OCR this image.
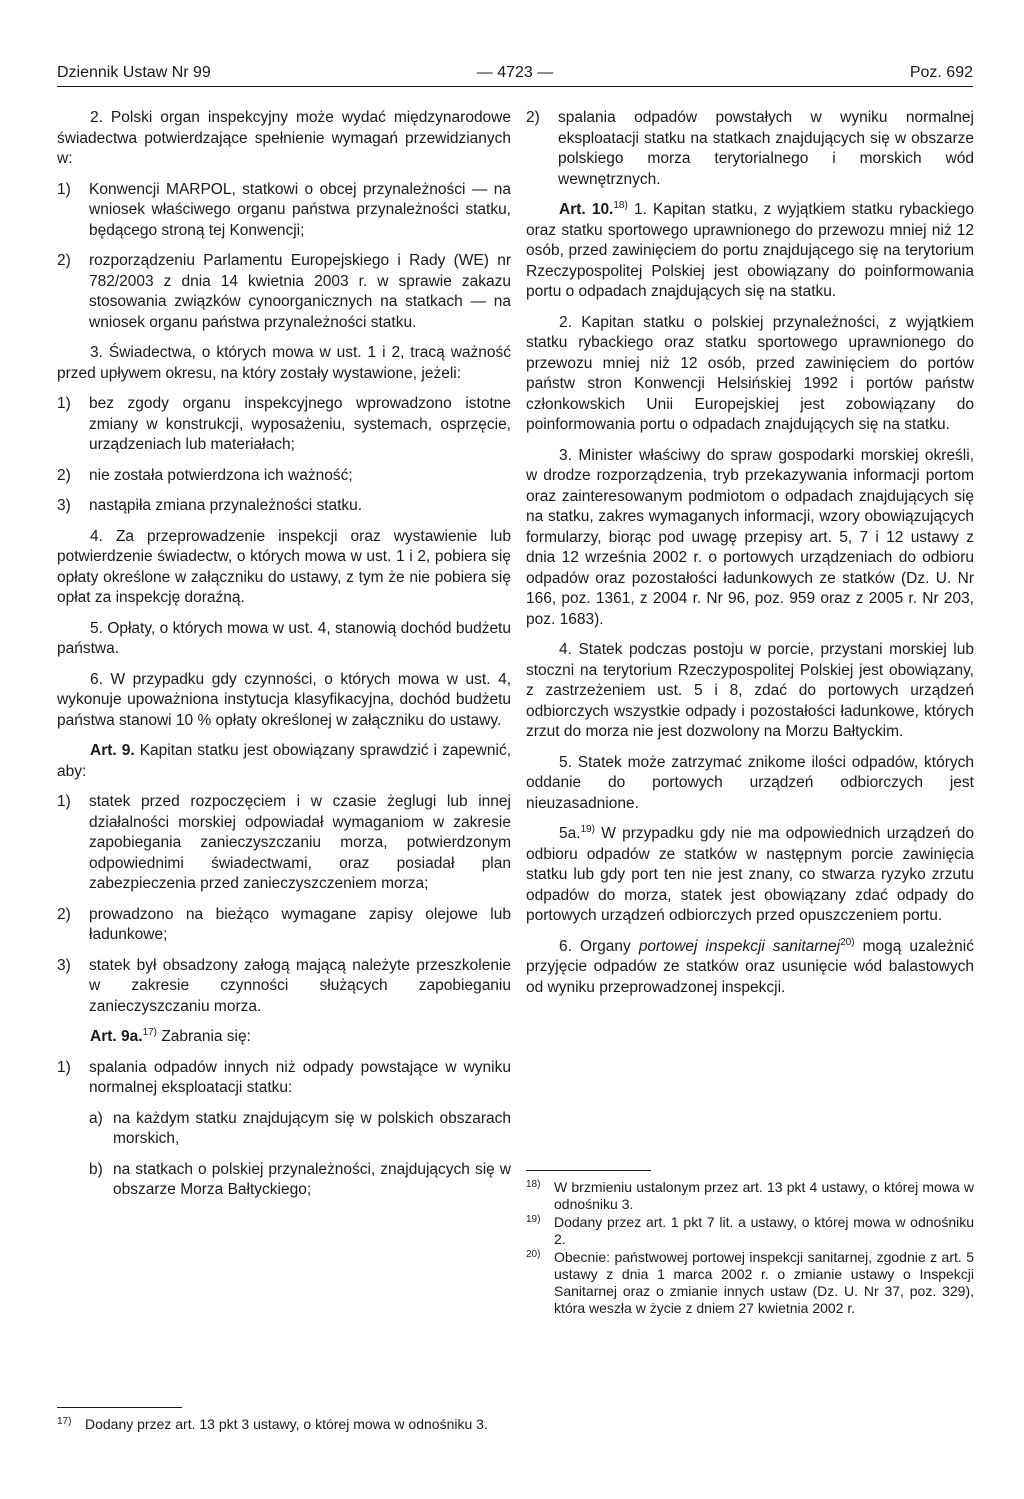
Dziennik Ustaw Nr 99	— 4723 —	Poz. 692

2. Polski organ inspekcyjny może wydać międzynarodowe świadectwa potwierdzające spełnienie wymagań przewidzianych w:

1) Konwencji MARPOL, statkowi o obcej przynależności — na wniosek właściwego organu państwa przynależności statku, będącego stroną tej Konwencji;
2) rozporządzeniu Parlamentu Europejskiego i Rady (WE) nr 782/2003 z dnia 14 kwietnia 2003 r. w sprawie zakazu stosowania związków cynoorganicznych na statkach — na wniosek organu państwa przynależności statku.

3. Świadectwa, o których mowa w ust. 1 i 2, tracą ważność przed upływem okresu, na który zostały wystawione, jeżeli:

1) bez zgody organu inspekcyjnego wprowadzono istotne zmiany w konstrukcji, wyposażeniu, systemach, osprzęcie, urządzeniach lub materiałach;
2) nie została potwierdzona ich ważność;
3) nastąpiła zmiana przynależności statku.

4. Za przeprowadzenie inspekcji oraz wystawienie lub potwierdzenie świadectw, o których mowa w ust. 1 i 2, pobiera się opłaty określone w załączniku do ustawy, z tym że nie pobiera się opłat za inspekcję doraźną.

5. Opłaty, o których mowa w ust. 4, stanowią dochód budżetu państwa.

6. W przypadku gdy czynności, o których mowa w ust. 4, wykonuje upoważniona instytucja klasyfikacyjna, dochód budżetu państwa stanowi 10 % opłaty określonej w załączniku do ustawy.

Art. 9. Kapitan statku jest obowiązany sprawdzić i zapewnić, aby:

1) statek przed rozpoczęciem i w czasie żeglugi lub innej działalności morskiej odpowiadał wymaganiom w zakresie zapobiegania zanieczyszczaniu morza, potwierdzonym odpowiednimi świadectwami, oraz posiadał plan zabezpieczenia przed zanieczyszczeniem morza;
2) prowadzono na bieżąco wymagane zapisy olejowe lub ładunkowe;
3) statek był obsadzony załogą mającą należyte przeszkolenie w zakresie czynności służących zapobieganiu zanieczyszczaniu morza.

Art. 9a.$^{17)}$ Zabrania się:

1) spalania odpadów innych niż odpady powstające w wyniku normalnej eksploatacji statku:
a) na każdym statku znajdującym się w polskich obszarach morskich,
b) na statkach o polskiej przynależności, znajdujących się w obszarze Morza Bałtyckiego;
2) spalania odpadów powstałych w wyniku normalnej eksploatacji statku na statkach znajdujących się w obszarze polskiego morza terytorialnego i morskich wód wewnętrznych.

Art. 10.$^{18)}$ 1. Kapitan statku, z wyjątkiem statku rybackiego oraz statku sportowego uprawnionego do przewozu mniej niż 12 osób, przed zawinięciem do portu znajdującego się na terytorium Rzeczypospolitej Polskiej jest obowiązany do poinformowania portu o odpadach znajdujących się na statku.

2. Kapitan statku o polskiej przynależności, z wyjątkiem statku rybackiego oraz statku sportowego uprawnionego do przewozu mniej niż 12 osób, przed zawinięciem do portów państw stron Konwencji Helsińskiej 1992 i portów państw członkowskich Unii Europejskiej jest zobowiązany do poinformowania portu o odpadach znajdujących się na statku.

3. Minister właściwy do spraw gospodarki morskiej określi, w drodze rozporządzenia, tryb przekazywania informacji portom oraz zainteresowanym podmiotom o odpadach znajdujących się na statku, zakres wymaganych informacji, wzory obowiązujących formularzy, biorąc pod uwagę przepisy art. 5, 7 i 12 ustawy z dnia 12 września 2002 r. o portowych urządzeniach do odbioru odpadów oraz pozostałości ładunkowych ze statków (Dz. U. Nr 166, poz. 1361, z 2004 r. Nr 96, poz. 959 oraz z 2005 r. Nr 203, poz. 1683).

4. Statek podczas postoju w porcie, przystani morskiej lub stoczni na terytorium Rzeczypospolitej Polskiej jest obowiązany, z zastrzeżeniem ust. 5 i 8, zdać do portowych urządzeń odbiorczych wszystkie odpady i pozostałości ładunkowe, których zrzut do morza nie jest dozwolony na Morzu Bałtyckim.

5. Statek może zatrzymać znikome ilości odpadów, których oddanie do portowych urządzeń odbiorczych jest nieuzasadnione.

5a.$^{19)}$ W przypadku gdy nie ma odpowiednich urządzeń do odbioru odpadów ze statków w następnym porcie zawinięcia statku lub gdy port ten nie jest znany, co stwarza ryzyko zrzutu odpadów do morza, statek jest obowiązany zdać odpady do portowych urządzeń odbiorczych przed opuszczeniem portu.

6. Organy portowej inspekcji sanitarnej$^{20)}$ mogą uzależnić przyjęcie odpadów ze statków oraz usunięcie wód balastowych od wyniku przeprowadzonej inspekcji.

17) Dodany przez art. 13 pkt 3 ustawy, o której mowa w odnośniku 3.
18) W brzmieniu ustalonym przez art. 13 pkt 4 ustawy, o której mowa w odnośniku 3.
19) Dodany przez art. 1 pkt 7 lit. a ustawy, o której mowa w odnośniku 2.
20) Obecnie: państwowej portowej inspekcji sanitarnej, zgodnie z art. 5 ustawy z dnia 1 marca 2002 r. o zmianie ustawy o Inspekcji Sanitarnej oraz o zmianie innych ustaw (Dz. U. Nr 37, poz. 329), która weszła w życie z dniem 27 kwietnia 2002 r.
